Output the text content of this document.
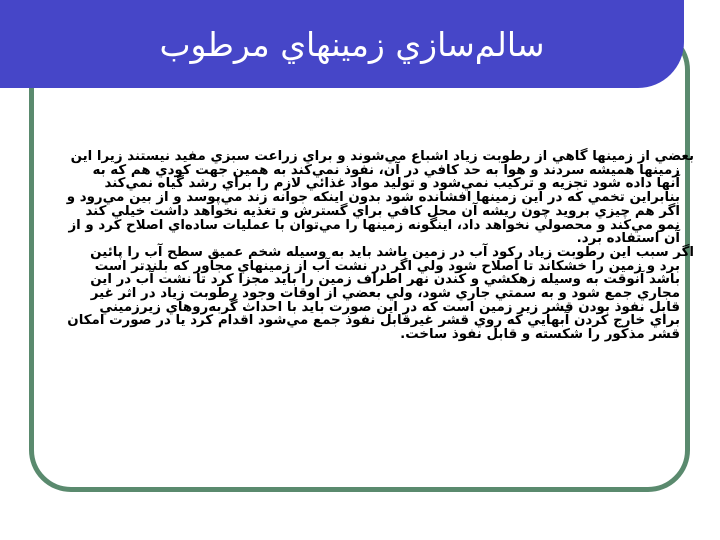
سالم‌سازي زمينهاي مرطوب

بعضي از زمينها گاهي از رطوبت زياد اشباع مي‌شوند و براي زراعت سبزي مفيد نيستند زيرا اين زمينها هميشه سردند و هوا به حد كافي در آن، نفوذ نمي‌كند به همين جهت كودي هم كه به آنها داده شود تجزيه و تركيب نمي‌شود و توليد مواد غذائي لازم را براي رشد گياه نمي‌كند بنابراين تخمي كه در اين زمينها افشانده شود بدون اينكه جوانه زند مي‌پوسد و از بين مي‌رود و اگر هم چيزي برويد چون ريشه آن محل كافي براي گسترش و تغذيه نخواهد داشت خيلي كند نمو مي‌كند و محصولي نخواهد داد، اينگونه زمينها را مي‌توان با عمليات ساده‌اي اصلاح كرد و از آن استفاده برد.

اگر سبب اين رطوبت زياد ركود آب در زمين باشد بايد به وسيله شخم عميق سطح آب را پائين برد و زمين را خشكاند تا اصلاح شود ولي اگر در نشت آب از زمينهاي مجاور كه بلندتر است باشد آنوقت به وسيله زهكشي و كندن نهر اطراف زمين را بايد مجزا كرد تا نشت آب در اين مجاري جمع شود و به سمتي جاري شود، ولي بعضي از اوقات وجود رطوبت زياد در اثر غير قابل نفوذ بودن قشر زير زمين است كه در اين صورت بايد با احداث گربه‌روهاي زيرزميني براي خارج كردن آبهايي كه روي قشر غيرقابل نفوذ جمع مي‌شود اقدام كرد يا در صورت امكان قشر مذكور را شكسته و قابل نفوذ ساخت.
